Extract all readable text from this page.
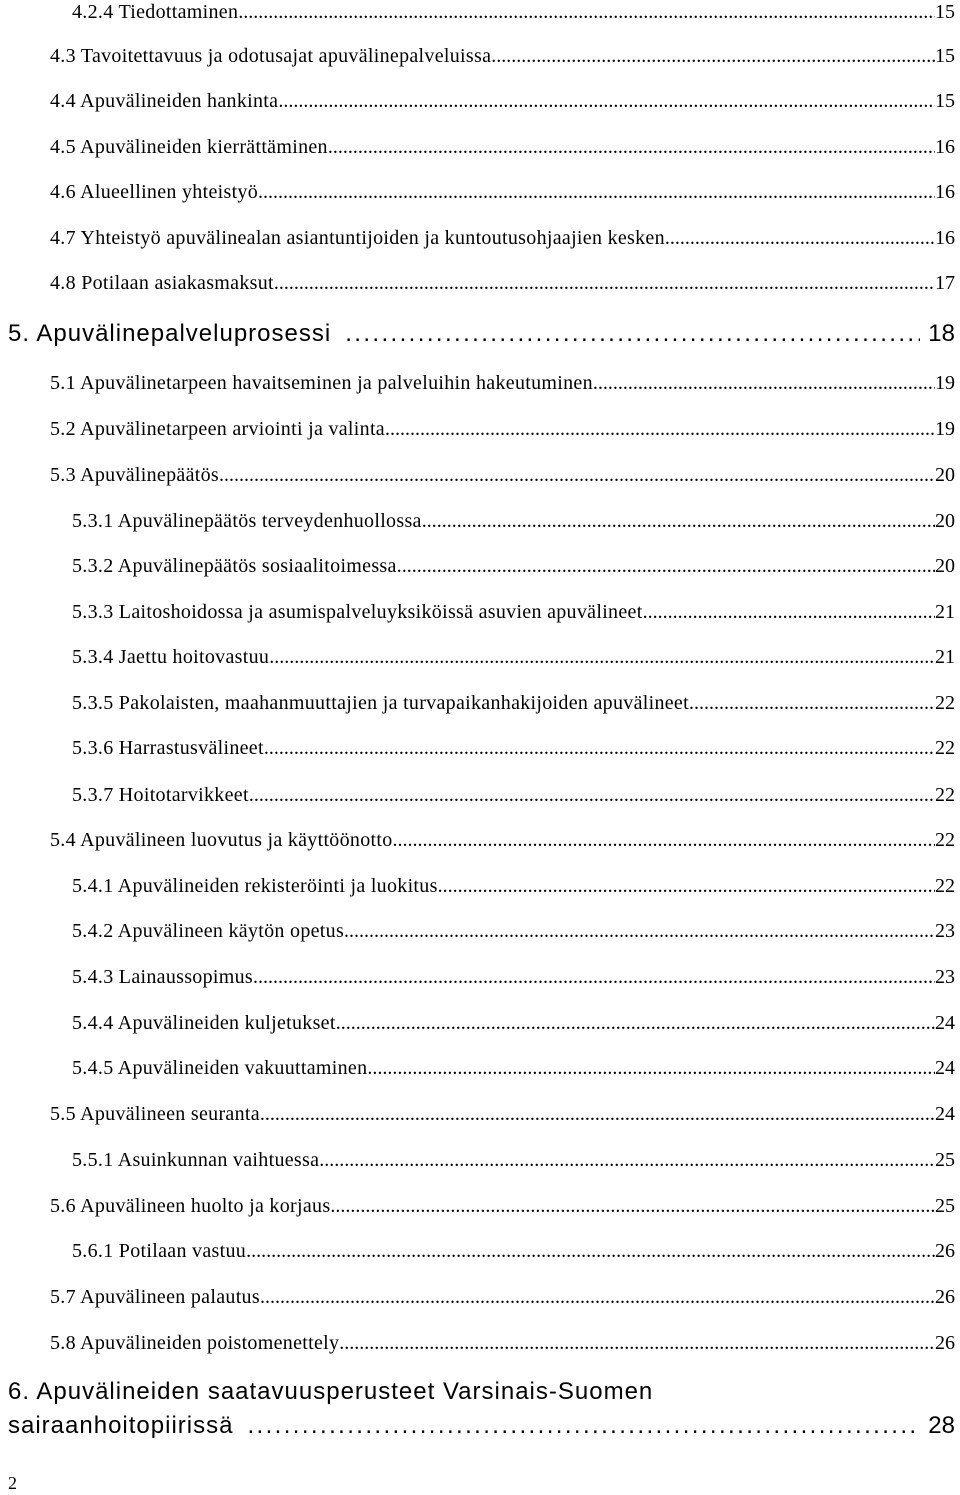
4.2.4 Tiedottaminen .....	15
4.3 Tavoitettavuus ja odotusajat apuvälinepalveluissa .....	15
4.4 Apuvälineiden hankinta .....	15
4.5 Apuvälineiden kierrättäminen .....	16
4.6 Alueellinen yhteistyö .....	16
4.7 Yhteistyö apuvälinealan asiantuntijoiden ja kuntoutusohjaajien kesken .....	16
4.8 Potilaan asiakasmaksut .....	17
5. Apuvälinepalveluprosessi .....	18
5.1 Apuvälinetarpeen havaitseminen ja palveluihin hakeutuminen .....	19
5.2 Apuvälinetarpeen arviointi ja valinta .....	19
5.3 Apuvälinepäätös .....	20
5.3.1 Apuvälinepäätös terveydenhuollossa .....	20
5.3.2 Apuvälinepäätös sosiaalitoimessa .....	20
5.3.3 Laitoshoidossa ja asumispalveluyksiköissä asuvien apuvälineet .....	21
5.3.4 Jaettu hoitovastuu .....	21
5.3.5 Pakolaisten, maahanmuuttajien ja turvapaikanhakijoiden apuvälineet .....	22
5.3.6 Harrastusvälineet .....	22
5.3.7 Hoitotarvikkeet .....	22
5.4 Apuvälineen luovutus ja käyttöönotto .....	22
5.4.1 Apuvälineiden rekisteröinti ja luokitus .....	22
5.4.2 Apuvälineen käytön opetus .....	23
5.4.3 Lainaussopimus .....	23
5.4.4 Apuvälineiden kuljetukset .....	24
5.4.5 Apuvälineiden vakuuttaminen .....	24
5.5 Apuvälineen seuranta .....	24
5.5.1 Asuinkunnan vaihtuessa .....	25
5.6 Apuvälineen huolto ja korjaus .....	25
5.6.1 Potilaan vastuu .....	26
5.7 Apuvälineen palautus .....	26
5.8 Apuvälineiden poistomenettely .....	26
6. Apuvälineiden saatavuusperusteet Varsinais-Suomen
sairaanhoitopiirissä .....	28
2
